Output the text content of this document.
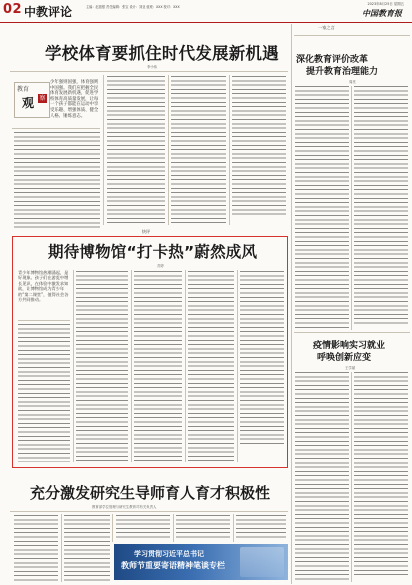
02 中教评论	主编：赵振强 责任编辑：张宝 设计：刘亚 值班：XXX 校对：XXX
2023年8月25日 星期五
中国教育报
学校体育要抓住时代发展新机遇
李小伟
教育
观 察
少年强则国强，体育强则中国强。我们应把握全民体育发展新机遇，促进学校体育高质量发展，让每一个孩子都能在运动中享受乐趣、增强体质、健全人格、锤炼意志。
快评
期待博物馆“打卡热”蔚然成风
苏婷
青少年博物馆热潮涌起，是好现象。孩子们在游览中增长见识，在体验中激发求知欲，让博物馆成为青少年的“第二课堂”，值得社会各方共同推动。
充分激发研究生导师育人育才积极性
教育部学位管理与研究生教育司有关负责人
学习贯彻习近平总书记
教师节重要寄语精神笔谈专栏
一家之言
深化教育评价改革
提升教育治理能力
周亮
疫情影响实习就业
呼唤创新应变
王学斌
